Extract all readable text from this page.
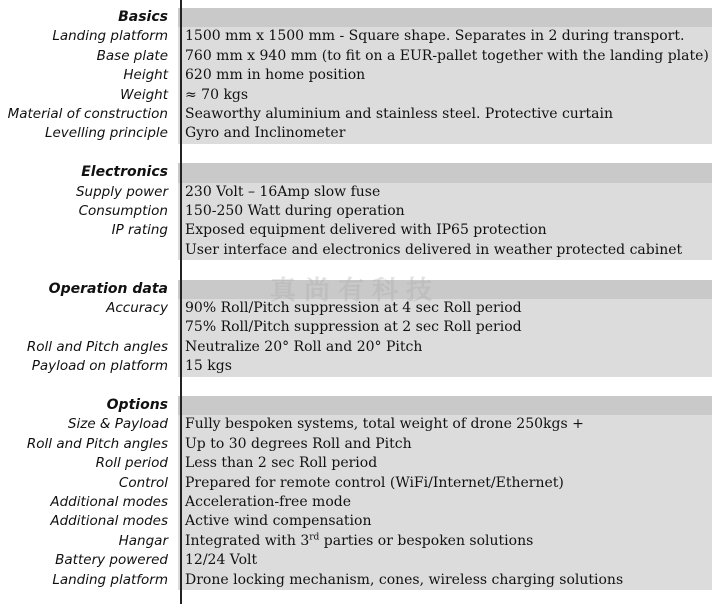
Basics
Landing platform	1500 mm x 1500 mm - Square shape. Separates in 2 during transport.
Base plate	760 mm x 940 mm (to fit on a EUR-pallet together with the landing plate)
Height	620 mm in home position
Weight	≈ 70 kgs
Material of construction	Seaworthy aluminium and stainless steel. Protective curtain
Levelling principle	Gyro and Inclinometer
Electronics
Supply power	230 Volt – 16Amp slow fuse
Consumption	150-250 Watt during operation
IP rating	Exposed equipment delivered with IP65 protection
User interface and electronics delivered in weather protected cabinet
Operation data
Accuracy	90% Roll/Pitch suppression at 4 sec Roll period
75% Roll/Pitch suppression at 2 sec Roll period
Roll and Pitch angles	Neutralize 20° Roll and 20° Pitch
Payload on platform	15 kgs
Options
Size & Payload	Fully bespoken systems, total weight of drone 250kgs +
Roll and Pitch angles	Up to 30 degrees Roll and Pitch
Roll period	Less than 2 sec Roll period
Control	Prepared for remote control (WiFi/Internet/Ethernet)
Additional modes	Acceleration-free mode
Additional modes	Active wind compensation
Hangar	Integrated with 3rd parties or bespoken solutions
Battery powered	12/24 Volt
Landing platform	Drone locking mechanism, cones, wireless charging solutions
真尚有科技
